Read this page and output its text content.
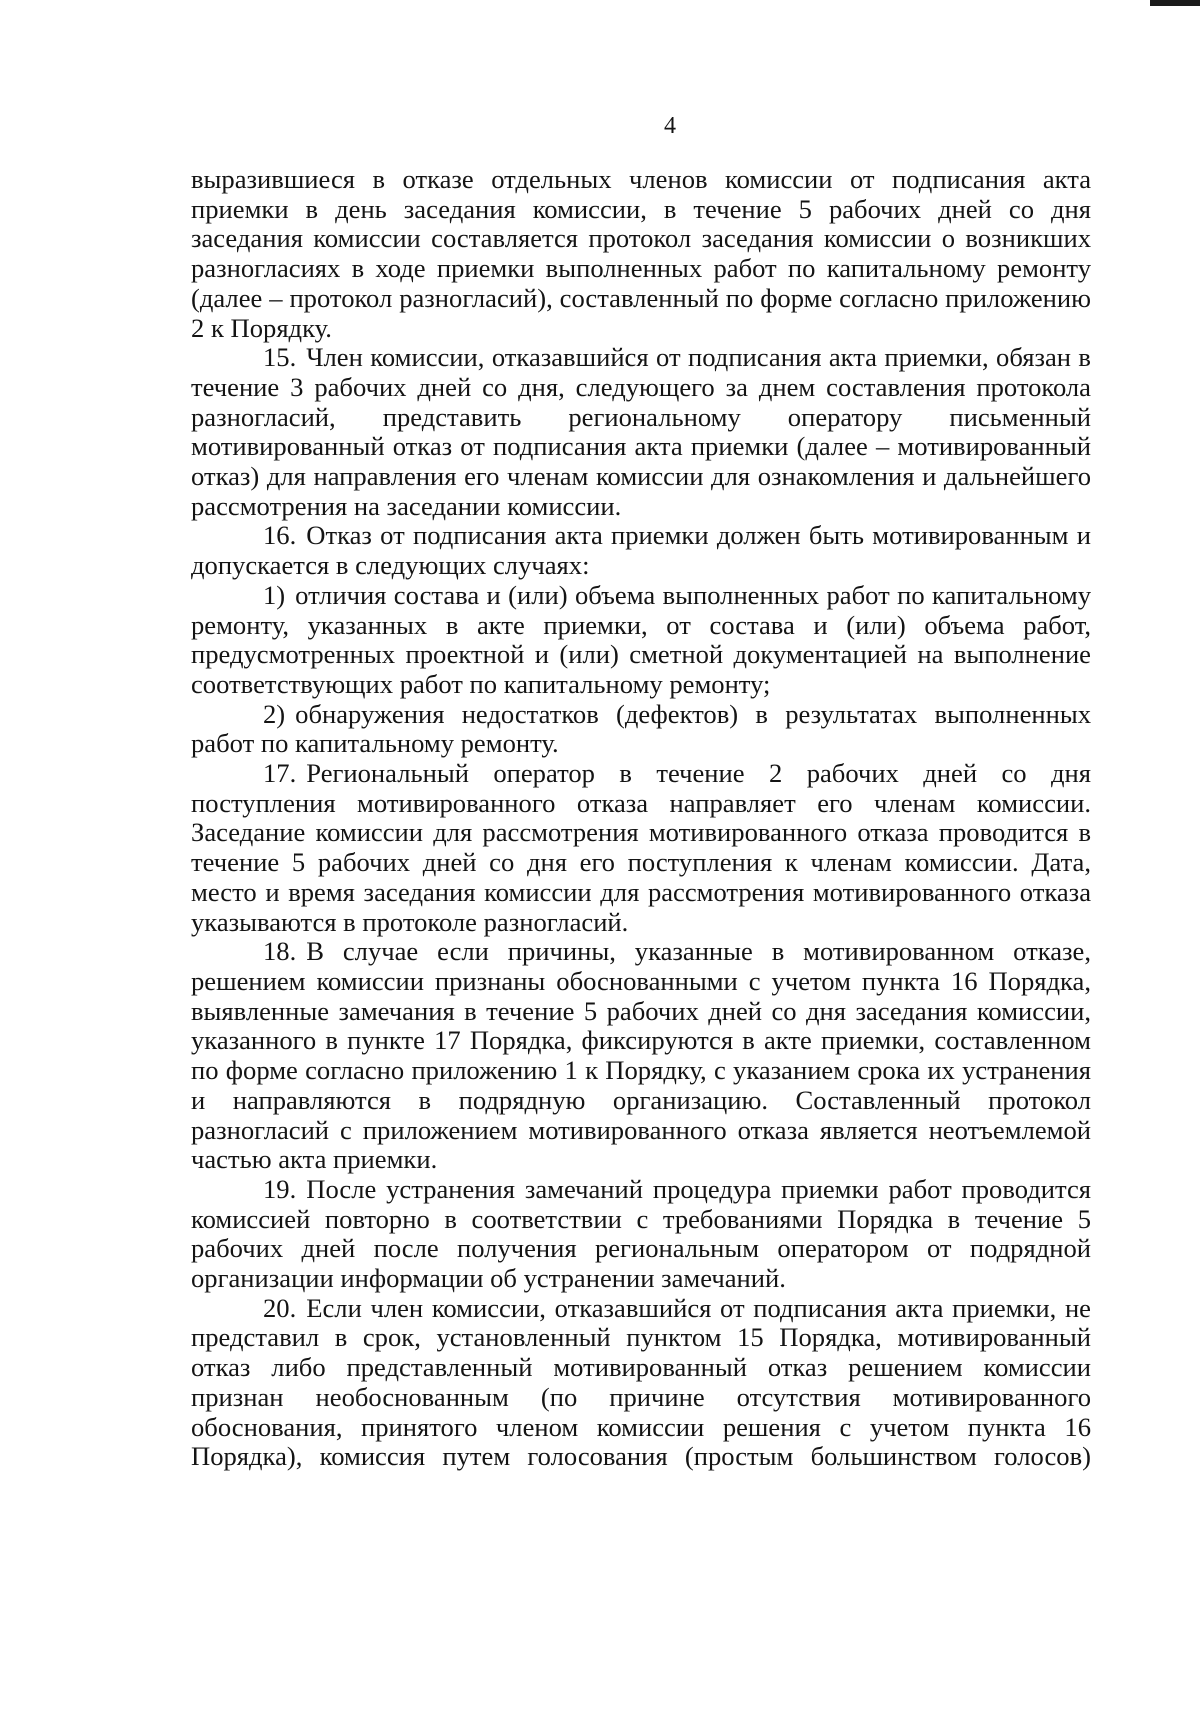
4

выразившиеся в отказе отдельных членов комиссии от подписания акта приемки в день заседания комиссии, в течение 5 рабочих дней со дня заседания комиссии составляется протокол заседания комиссии о возникших разногласиях в ходе приемки выполненных работ по капитальному ремонту (далее – протокол разногласий), составленный по форме согласно приложению 2 к Порядку.

15. Член комиссии, отказавшийся от подписания акта приемки, обязан в течение 3 рабочих дней со дня, следующего за днем составления протокола разногласий, представить региональному оператору письменный мотивированный отказ от подписания акта приемки (далее – мотивированный отказ) для направления его членам комиссии для ознакомления и дальнейшего рассмотрения на заседании комиссии.

16. Отказ от подписания акта приемки должен быть мотивированным и допускается в следующих случаях:

1) отличия состава и (или) объема выполненных работ по капитальному ремонту, указанных в акте приемки, от состава и (или) объема работ, предусмотренных проектной и (или) сметной документацией на выполнение соответствующих работ по капитальному ремонту;

2) обнаружения недостатков (дефектов) в результатах выполненных работ по капитальному ремонту.

17. Региональный оператор в течение 2 рабочих дней со дня поступления мотивированного отказа направляет его членам комиссии. Заседание комиссии для рассмотрения мотивированного отказа проводится в течение 5 рабочих дней со дня его поступления к членам комиссии. Дата, место и время заседания комиссии для рассмотрения мотивированного отказа указываются в протоколе разногласий.

18. В случае если причины, указанные в мотивированном отказе, решением комиссии признаны обоснованными с учетом пункта 16 Порядка, выявленные замечания в течение 5 рабочих дней со дня заседания комиссии, указанного в пункте 17 Порядка, фиксируются в акте приемки, составленном по форме согласно приложению 1 к Порядку, с указанием срока их устранения и направляются в подрядную организацию. Составленный протокол разногласий с приложением мотивированного отказа является неотъемлемой частью акта приемки.

19. После устранения замечаний процедура приемки работ проводится комиссией повторно в соответствии с требованиями Порядка в течение 5 рабочих дней после получения региональным оператором от подрядной организации информации об устранении замечаний.

20. Если член комиссии, отказавшийся от подписания акта приемки, не представил в срок, установленный пунктом 15 Порядка, мотивированный отказ либо представленный мотивированный отказ решением комиссии признан необоснованным (по причине отсутствия мотивированного обоснования, принятого членом комиссии решения с учетом пункта 16 Порядка), комиссия путем голосования (простым большинством голосов)
